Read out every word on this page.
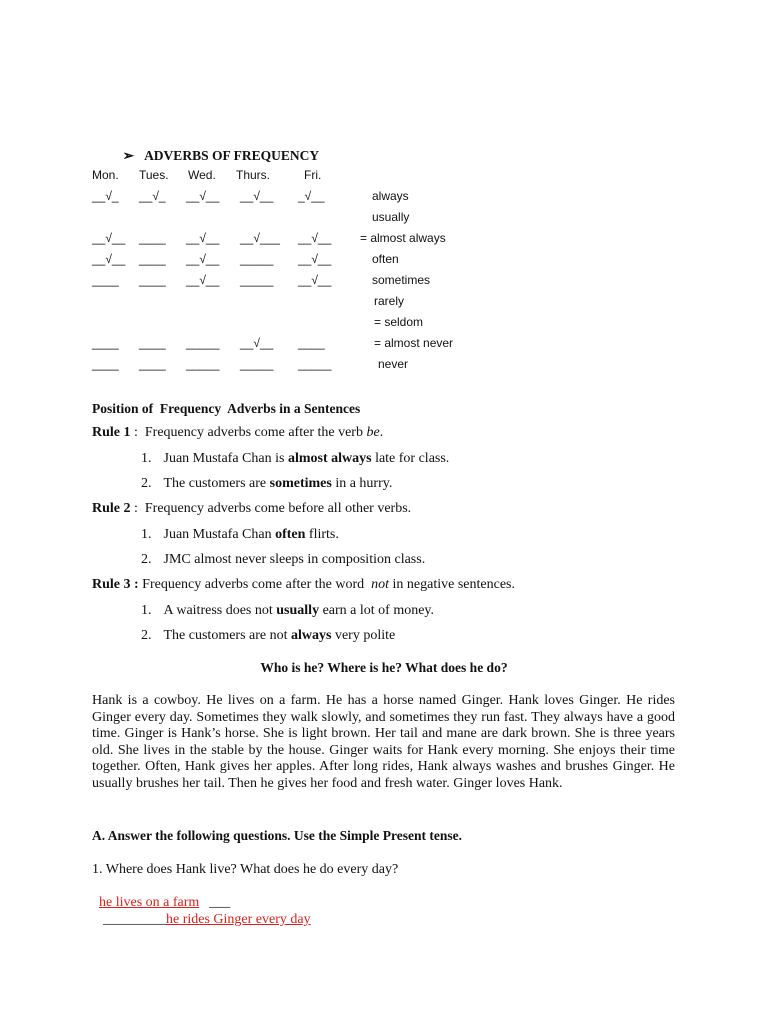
➢ ADVERBS OF FREQUENCY

Mon. Tues. Wed. Thurs.	Fri.
__√_ __√_ __√__ __√__ _√__	always
usually
__√__ ____ __√__ __√___ __√__ = almost always
__√__ ____ __√__ _____ __√__	often
____ ____ __√__ _____ __√__	sometimes
rarely
= seldom
____ ____ _____ __√__ ____	= almost never
____ ____ _____ _____ _____	never
Position of  Frequency  Adverbs in a Sentences
Rule 1 :  Frequency adverbs come after the verb be.
1. Juan Mustafa Chan is almost always late for class.
2. The customers are sometimes in a hurry.
Rule 2 :  Frequency adverbs come before all other verbs.
1. Juan Mustafa Chan often flirts.
2. JMC almost never sleeps in composition class.
Rule 3 : Frequency adverbs come after the word  not in negative sentences.
1. A waitress does not usually earn a lot of money.
2. The customers are not always very polite
Who is he? Where is he? What does he do?
Hank is a cowboy. He lives on a farm. He has a horse named Ginger. Hank loves Ginger. He rides Ginger every day. Sometimes they walk slowly, and sometimes they run fast. They always have a good time. Ginger is Hank’s horse. She is light brown. Her tail and mane are dark brown. She is three years old. She lives in the stable by the house. Ginger waits for Hank every morning. She enjoys their time together. Often, Hank gives her apples. After long rides, Hank always washes and brushes Ginger. He usually brushes her tail. Then he gives her food and fresh water. Ginger loves Hank.
A. Answer the following questions. Use the Simple Present tense.
1. Where does Hank live? What does he do every day?

he lives on a farm ___

_________he rides Ginger every day
